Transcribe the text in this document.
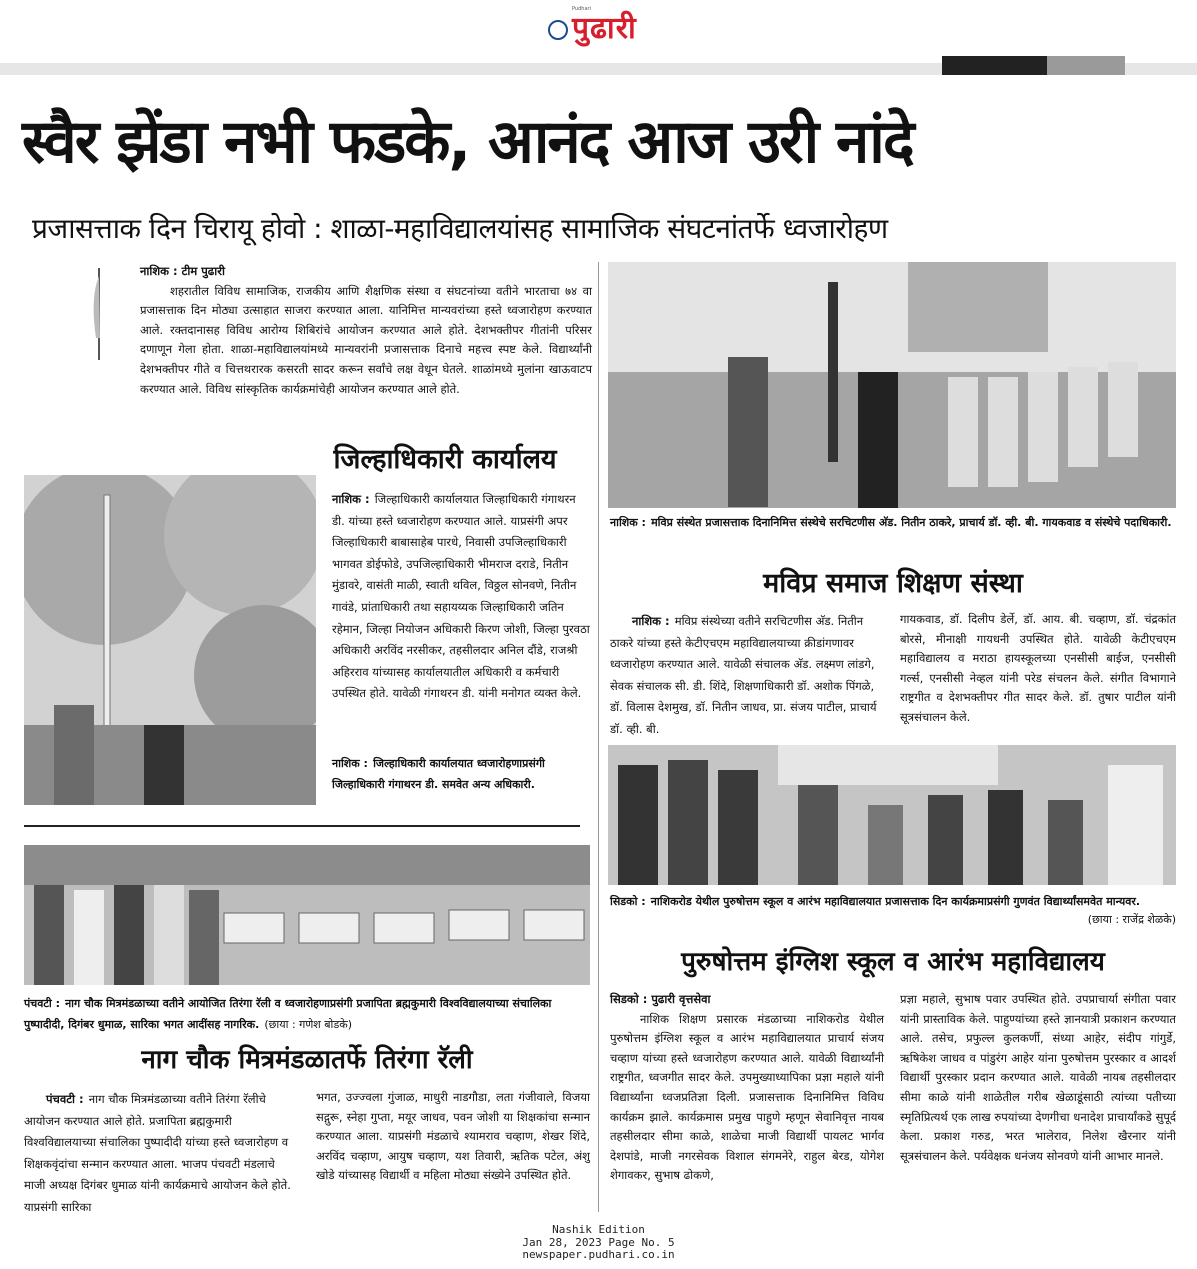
पुढारी
Pudhari
स्वैर झेंडा नभी फडके, आनंद आज उरी नांदे
प्रजासत्ताक दिन चिरायू होवो : शाळा-महाविद्यालयांसह सामाजिक संघटनांतर्फे ध्वजारोहण
नाशिक : टीम पुढारी
शहरातील विविध सामाजिक, राजकीय आणि शैक्षणिक संस्था व संघटनांच्या वतीने भारताचा ७४ वा प्रजासत्ताक दिन मोठ्या उत्साहात साजरा करण्यात आला. यानिमित्त मान्यवरांच्या हस्ते ध्वजारोहण करण्यात आले. रक्तदानासह विविध आरोग्य शिबिरांचे आयोजन करण्यात आले होते. देशभक्तीपर गीतांनी परिसर दणाणून गेला होता. शाळा-महाविद्यालयांमध्ये मान्यवरांनी प्रजासत्ताक दिनाचे महत्त्व स्पष्ट केले. विद्यार्थ्यांनी देशभक्तीपर गीते व चित्तथरारक कसरती सादर करून सर्वांचे लक्ष वेधून घेतले. शाळांमध्ये मुलांना खाऊवाटप करण्यात आले. विविध सांस्कृतिक कार्यक्रमांचेही आयोजन करण्यात आले होते.
जिल्हाधिकारी कार्यालय
नाशिक : जिल्हाधिकारी कार्यालयात जिल्हाधिकारी गंगाथरन डी. यांच्या हस्ते ध्वजारोहण करण्यात आले. याप्रसंगी अपर जिल्हाधिकारी बाबासाहेब पारधे, निवासी उपजिल्हाधिकारी भागवत डोईफोडे, उपजिल्हाधिकारी भीमराज दराडे, नितीन मुंडावरे, वासंती माळी, स्वाती थविल, विठ्ठल सोनवणे, नितीन गावंडे, प्रांताधिकारी तथा सहायय्यक जिल्हाधिकारी जतिन रहेमान, जिल्हा नियोजन अधिकारी किरण जोशी, जिल्हा पुरवठा अधिकारी अरविंद नरसीकर, तहसीलदार अनिल दौंडे, राजश्री अहिरराव यांच्यासह कार्यालयातील अधिकारी व कर्मचारी उपस्थित होते. यावेळी गंगाथरन डी. यांनी मनोगत व्यक्त केले.
नाशिक : जिल्हाधिकारी कार्यालयात ध्वजारोहणाप्रसंगी जिल्हाधिकारी गंगाथरन डी. समवेत अन्य अधिकारी.
नाशिक : मविप्र संस्थेत प्रजासत्ताक दिनानिमित्त संस्थेचे सरचिटणीस अ‍ॅड. नितीन ठाकरे, प्राचार्य डॉ. व्ही. बी. गायकवाड व संस्थेचे पदाधिकारी.
मविप्र समाज शिक्षण संस्था
नाशिक : मविप्र संस्थेच्या वतीने सरचिटणीस अ‍ॅड. नितीन ठाकरे यांच्या हस्ते केटीएचएम महाविद्यालयाच्या क्रीडांगणावर ध्वजारोहण करण्यात आले. यावेळी संचालक अ‍ॅड. लक्ष्मण लांडगे, सेवक संचालक सी. डी. शिंदे, शिक्षणाधिकारी डॉ. अशोक पिंगळे, डॉ. विलास देशमुख, डॉ. नितीन जाधव, प्रा. संजय पाटील, प्राचार्य डॉ. व्ही. बी.
गायकवाड, डॉ. दिलीप डेर्ले, डॉ. आय. बी. चव्हाण, डॉ. चंद्रकांत बोरसे, मीनाक्षी गायधनी उपस्थित होते. यावेळी केटीएचएम महाविद्यालय व मराठा हायस्कूलच्या एनसीसी बाईज, एनसीसी गर्ल्स, एनसीसी नेव्हल यांनी परेड संचलन केले. संगीत विभागाने राष्ट्रगीत व देशभक्तीपर गीत सादर केले. डॉ. तुषार पाटील यांनी सूत्रसंचालन केले.
सिडको : नाशिकरोड येथील पुरुषोत्तम स्कूल व आरंभ महाविद्यालयात प्रजासत्ताक दिन कार्यक्रमाप्रसंगी गुणवंत विद्यार्थ्यांसमवेत मान्यवर.
(छाया : राजेंद्र शेळके)
पुरुषोत्तम इंग्लिश स्कूल व आरंभ महाविद्यालय
सिडको : पुढारी वृत्तसेवा
नाशिक शिक्षण प्रसारक मंडळाच्या नाशिकरोड येथील पुरुषोत्तम इंग्लिश स्कूल व आरंभ महाविद्यालयात प्राचार्य संजय चव्हाण यांच्या हस्ते ध्वजारोहण करण्यात आले. यावेळी विद्यार्थ्यांनी राष्ट्रगीत, ध्वजगीत सादर केले. उपमुख्याध्यापिका प्रज्ञा महाले यांनी विद्यार्थ्यांना ध्वजप्रतिज्ञा दिली. प्रजासत्ताक दिनानिमित्त विविध कार्यक्रम झाले. कार्यक्रमास प्रमुख पाहुणे म्हणून सेवानिवृत्त नायब तहसीलदार सीमा काळे, शाळेचा माजी विद्यार्थी पायलट भार्गव देशपांडे, माजी नगरसेवक विशाल संगमनेरे, राहुल बेरड, योगेश शेगावकर, सुभाष ढोकणे,
प्रज्ञा महाले, सुभाष पवार उपस्थित होते. उपप्राचार्या संगीता पवार यांनी प्रास्ताविक केले. पाहुण्यांच्या हस्ते ज्ञानयात्री प्रकाशन करण्यात आले. तसेच, प्रफुल्ल कुलकर्णी, संध्या आहेर, संदीप गांगुर्डे, ऋषिकेश जाधव व पांडुरंग आहेर यांना पुरुषोत्तम पुरस्कार व आदर्श विद्यार्थी पुरस्कार प्रदान करण्यात आले. यावेळी नायब तहसीलदार सीमा काळे यांनी शाळेतील गरीब खेळाडूंसाठी त्यांच्या पतीच्या स्मृतिप्रित्यर्थ एक लाख रुपयांच्या देणगीचा धनादेश प्राचार्यांकडे सुपूर्द केला. प्रकाश गरुड, भरत भालेराव, निलेश खैरनार यांनी सूत्रसंचालन केले. पर्यवेक्षक धनंजय सोनवणे यांनी आभार मानले.
पंचवटी : नाग चौक मित्रमंडळाच्या वतीने आयोजित तिरंगा रॅली व ध्वजारोहणाप्रसंगी प्रजापिता ब्रह्मकुमारी विश्वविद्यालयाच्या संचालिका पुष्पादीदी, दिगंबर धुमाळ, सारिका भगत आदींसह नागरिक. (छाया : गणेश बोडके)
नाग चौक मित्रमंडळातर्फे तिरंगा रॅली
पंचवटी : नाग चौक मित्रमंडळाच्या वतीने तिरंगा रॅलीचे आयोजन करण्यात आले होते. प्रजापिता ब्रह्मकुमारी विश्वविद्यालयाच्या संचालिका पुष्पादीदी यांच्या हस्ते ध्वजारोहण व शिक्षकवृंदांचा सन्मान करण्यात आला. भाजप पंचवटी मंडलाचे माजी अध्यक्ष दिगंबर धुमाळ यांनी कार्यक्रमाचे आयोजन केले होते. याप्रसंगी सारिका
भगत, उज्ज्वला गुंजाळ, माधुरी नाडगौडा, लता गंजीवाले, विजया सद्गुरू, स्नेहा गुप्ता, मयूर जाधव, पवन जोशी या शिक्षकांचा सन्मान करण्यात आला. याप्रसंगी मंडळाचे श्यामराव चव्हाण, शेखर शिंदे, अरविंद चव्हाण, आयुष चव्हाण, यश तिवारी, ऋतिक पटेल, अंशु खोडे यांच्यासह विद्यार्थी व महिला मोठ्या संख्येने उपस्थित होते.
Nashik Edition
Jan 28, 2023 Page No. 5
newspaper.pudhari.co.in
